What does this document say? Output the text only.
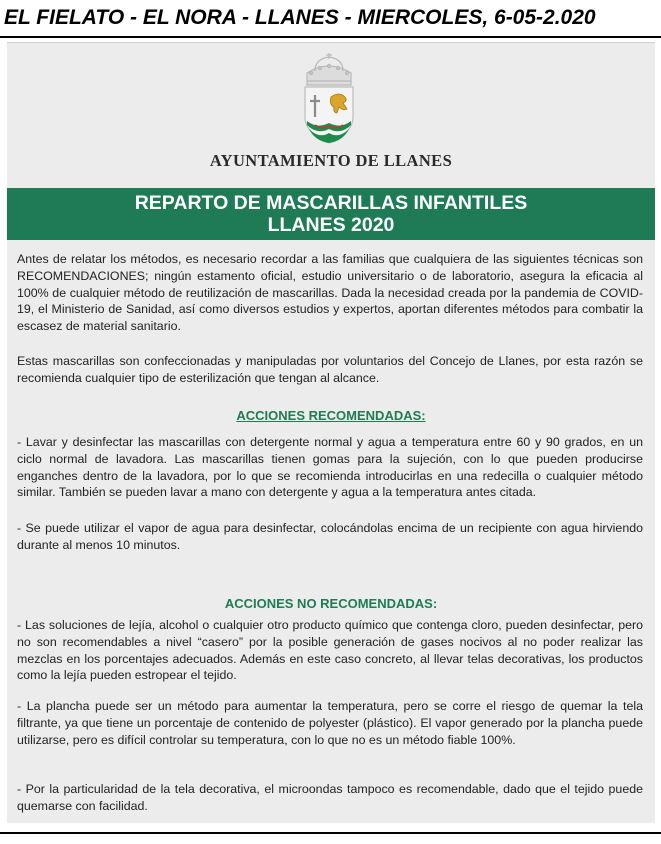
EL FIELATO - EL NORA - LLANES - MIERCOLES, 6-05-2.020
AYUNTAMIENTO DE LLANES
REPARTO DE MASCARILLAS INFANTILES
LLANES 2020

Antes de relatar los métodos, es necesario recordar a las familias que cualquiera de las siguientes técnicas son RECOMENDACIONES; ningún estamento oficial, estudio universitario o de laboratorio, asegura la eficacia al 100% de cualquier método de reutilización de mascarillas. Dada la necesidad creada por la pandemia de COVID-19, el Ministerio de Sanidad, así como diversos estudios y expertos, aportan diferentes métodos para combatir la escasez de material sanitario.

Estas mascarillas son confeccionadas y manipuladas por voluntarios del Concejo de Llanes, por esta razón se recomienda cualquier tipo de esterilización que tengan al alcance.

ACCIONES RECOMENDADAS:

- Lavar y desinfectar las mascarillas con detergente normal y agua a temperatura entre 60 y 90 grados, en un ciclo normal de lavadora. Las mascarillas tienen gomas para la sujeción, con lo que pueden producirse enganches dentro de la lavadora, por lo que se recomienda introducirlas en una redecilla o cualquier método similar. También se pueden lavar a mano con detergente y agua a la temperatura antes citada.

- Se puede utilizar el vapor de agua para desinfectar, colocándolas encima de un recipiente con agua hirviendo durante al menos 10 minutos.

ACCIONES NO RECOMENDADAS:

- Las soluciones de lejía, alcohol o cualquier otro producto químico que contenga cloro, pueden desinfectar, pero no son recomendables a nivel “casero” por la posible generación de gases nocivos al no poder realizar las mezclas en los porcentajes adecuados. Además en este caso concreto, al llevar telas decorativas, los productos como la lejía pueden estropear el tejido.

- La plancha puede ser un método para aumentar la temperatura, pero se corre el riesgo de quemar la tela filtrante, ya que tiene un porcentaje de contenido de polyester (plástico). El vapor generado por la plancha puede utilizarse, pero es difícil controlar su temperatura, con lo que no es un método fiable 100%.

- Por la particularidad de la tela decorativa, el microondas tampoco es recomendable, dado que el tejido puede quemarse con facilidad.
